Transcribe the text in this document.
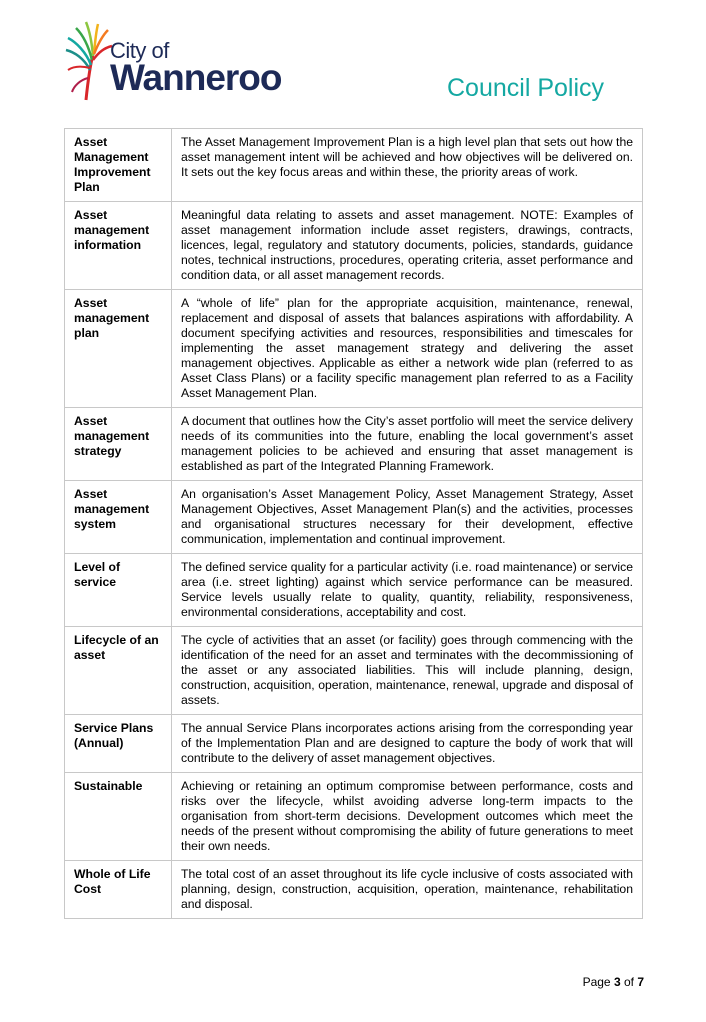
City of
Wanneroo	Council Policy
Asset Management Improvement Plan	The Asset Management Improvement Plan is a high level plan that sets out how the asset management intent will be achieved and how objectives will be delivered on. It sets out the key focus areas and within these, the priority areas of work.
Asset management information	Meaningful data relating to assets and asset management. NOTE: Examples of asset management information include asset registers, drawings, contracts, licences, legal, regulatory and statutory documents, policies, standards, guidance notes, technical instructions, procedures, operating criteria, asset performance and condition data, or all asset management records.
Asset management plan	A “whole of life” plan for the appropriate acquisition, maintenance, renewal, replacement and disposal of assets that balances aspirations with affordability. A document specifying activities and resources, responsibilities and timescales for implementing the asset management strategy and delivering the asset management objectives. Applicable as either a network wide plan (referred to as Asset Class Plans) or a facility specific management plan referred to as a Facility Asset Management Plan.
Asset management strategy	A document that outlines how the City’s asset portfolio will meet the service delivery needs of its communities into the future, enabling the local government’s asset management policies to be achieved and ensuring that asset management is established as part of the Integrated Planning Framework.
Asset management system	An organisation’s Asset Management Policy, Asset Management Strategy, Asset Management Objectives, Asset Management Plan(s) and the activities, processes and organisational structures necessary for their development, effective communication, implementation and continual improvement.
Level of service	The defined service quality for a particular activity (i.e. road maintenance) or service area (i.e. street lighting) against which service performance can be measured. Service levels usually relate to quality, quantity, reliability, responsiveness, environmental considerations, acceptability and cost.
Lifecycle of an asset	The cycle of activities that an asset (or facility) goes through commencing with the identification of the need for an asset and terminates with the decommissioning of the asset or any associated liabilities. This will include planning, design, construction, acquisition, operation, maintenance, renewal, upgrade and disposal of assets.
Service Plans (Annual)	The annual Service Plans incorporates actions arising from the corresponding year of the Implementation Plan and are designed to capture the body of work that will contribute to the delivery of asset management objectives.
Sustainable	Achieving or retaining an optimum compromise between performance, costs and risks over the lifecycle, whilst avoiding adverse long-term impacts to the organisation from short-term decisions. Development outcomes which meet the needs of the present without compromising the ability of future generations to meet their own needs.
Whole of Life Cost	The total cost of an asset throughout its life cycle inclusive of costs associated with planning, design, construction, acquisition, operation, maintenance, rehabilitation and disposal.
Page 3 of 7
